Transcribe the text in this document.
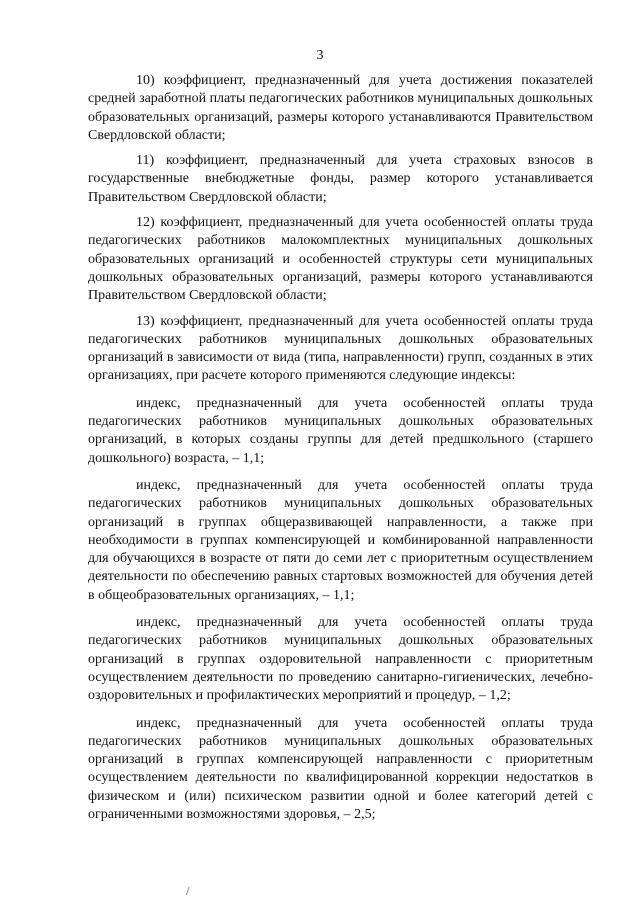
3

10) коэффициент, предназначенный для учета достижения показателей средней заработной платы педагогических работников муниципальных дошкольных образовательных организаций, размеры которого устанавливаются Правительством Свердловской области;

11) коэффициент, предназначенный для учета страховых взносов в государственные внебюджетные фонды, размер которого устанавливается Правительством Свердловской области;

12) коэффициент, предназначенный для учета особенностей оплаты труда педагогических работников малокомплектных муниципальных дошкольных образовательных организаций и особенностей структуры сети муниципальных дошкольных образовательных организаций, размеры которого устанавливаются Правительством Свердловской области;

13) коэффициент, предназначенный для учета особенностей оплаты труда педагогических работников муниципальных дошкольных образовательных организаций в зависимости от вида (типа, направленности) групп, созданных в этих организациях, при расчете которого применяются следующие индексы:

индекс, предназначенный для учета особенностей оплаты труда педагогических работников муниципальных дошкольных образовательных организаций, в которых созданы группы для детей предшкольного (старшего дошкольного) возраста, – 1,1;

индекс, предназначенный для учета особенностей оплаты труда педагогических работников муниципальных дошкольных образовательных организаций в группах общеразвивающей направленности, а также при необходимости в группах компенсирующей и комбинированной направленности для обучающихся в возрасте от пяти до семи лет с приоритетным осуществлением деятельности по обеспечению равных стартовых возможностей для обучения детей в общеобразовательных организациях, – 1,1;

индекс, предназначенный для учета особенностей оплаты труда педагогических работников муниципальных дошкольных образовательных организаций в группах оздоровительной направленности с приоритетным осуществлением деятельности по проведению санитарно-гигиенических, лечебно-оздоровительных и профилактических мероприятий и процедур, – 1,2;

индекс, предназначенный для учета особенностей оплаты труда педагогических работников муниципальных дошкольных образовательных организаций в группах компенсирующей направленности с приоритетным осуществлением деятельности по квалифицированной коррекции недостатков в физическом и (или) психическом развитии одной и более категорий детей с ограниченными возможностями здоровья, – 2,5;

/
